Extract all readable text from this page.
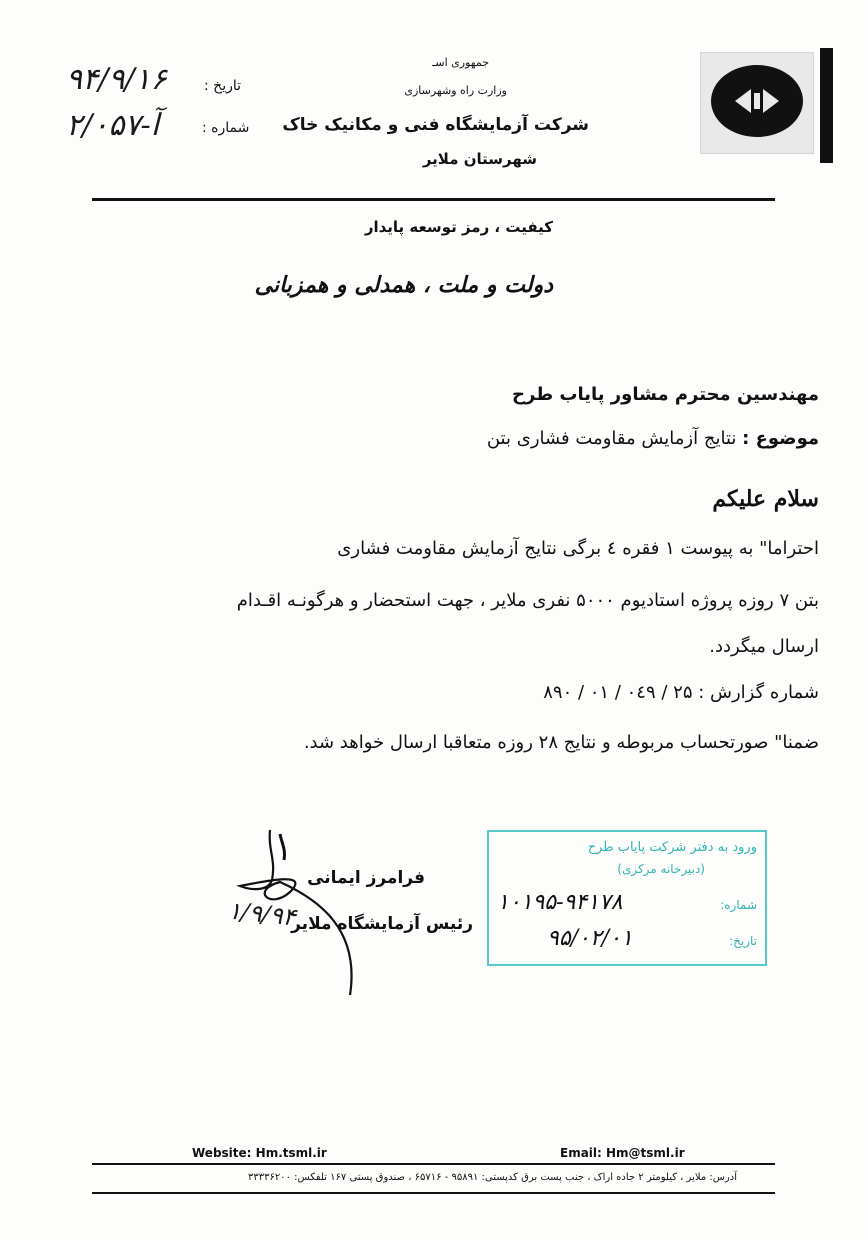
جمهوری اسـ
وزارت راه وشهرسازی
شرکت آزمایشگاه فنی و مکانیک خاک
شهرستان ملایر
تاریخ :
۹۴/۹/۱۶
شماره :
۲/۰۵۷-آ
کیفیت ، رمز توسعه پایدار
دولت و ملت ، همدلی و همزبانی
مهندسین محترم مشاور پایاب طرح
موضوع : نتایج آزمایش مقاومت فشاری بتن
سلام علیکم
احتراما" به پیوست ۱ فقره ٤ برگی نتایج آزمایش مقاومت فشاری
بتن ۷ روزه پروژه استادیوم ۵۰۰۰ نفری ملایر ، جهت استحضار و هرگونـه اقـدام
ارسال میگردد.
شماره گزارش : ۲۵ / ۰٤۹ / ۰۱ / ۸۹۰
ضمنا" صورتحساب مربوطه و نتایج ۲۸ روزه متعاقبا ارسال خواهد شد.
فرامرز ایمانی
رئیس آزمایشگاه ملایر
۱/۹/۹۴
ورود به دفتر شرکت پایاب طرح
(دبیرخانه مرکزی)
شماره:
۱۰۱۹۵-۹۴۱۷۸
تاریخ:
۹۵/۰۲/۰۱
Website: Hm.tsml.ir	Email: Hm@tsml.ir
آدرس: ملایر ، کیلومتر ۲ جاده اراک ، جنب پست برق کدپستی: ۹۵۸۹۱ - ۶۵۷۱۶ ، صندوق پستی ۱۶۷ تلفکس: ۳۳۳۳۶۲۰۰
